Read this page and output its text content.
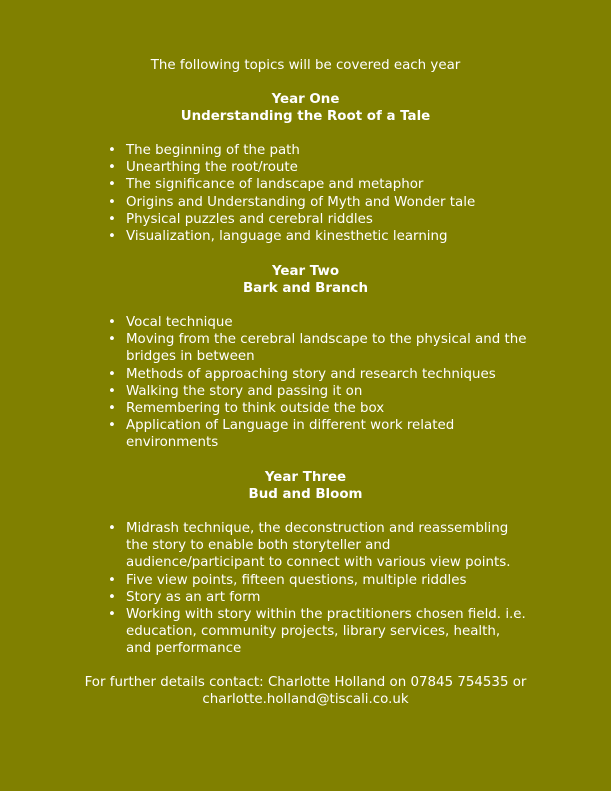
The following topics will be covered each year
Year One
Understanding the Root of a Tale
• The beginning of the path
• Unearthing the root/route
• The significance of landscape and metaphor
• Origins and Understanding of Myth and Wonder tale
• Physical puzzles and cerebral riddles
• Visualization, language and kinesthetic learning
Year Two
Bark and Branch
• Vocal technique
• Moving from the cerebral landscape to the physical and the bridges in between
• Methods of approaching story and research techniques
• Walking the story and passing it on
• Remembering to think outside the box
• Application of Language in different work related environments
Year Three
Bud and Bloom
• Midrash technique, the deconstruction and reassembling the story to enable both storyteller and audience/participant to connect with various view points.
• Five view points, fifteen questions, multiple riddles
• Story as an art form
• Working with story within the practitioners chosen field. i.e. education, community projects, library services, health, and performance
For further details contact: Charlotte Holland on 07845 754535 or
charlotte.holland@tiscali.co.uk
